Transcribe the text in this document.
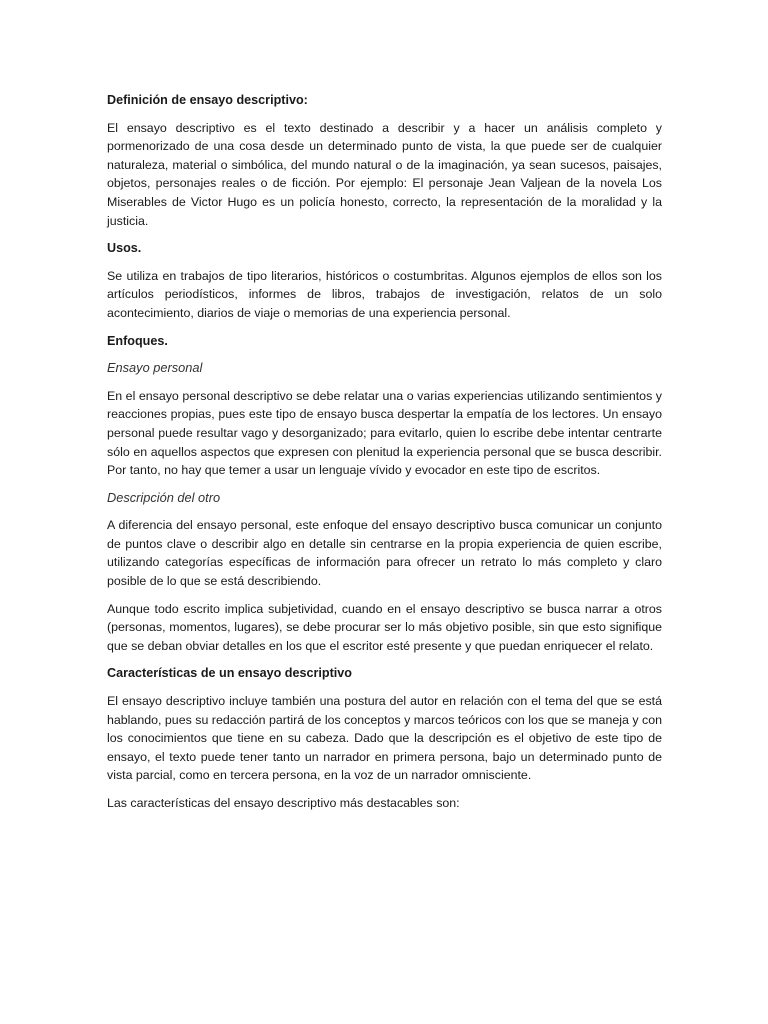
Definición de ensayo descriptivo:

El ensayo descriptivo es el texto destinado a describir y a hacer un análisis completo y pormenorizado de una cosa desde un determinado punto de vista, la que puede ser de cualquier naturaleza, material o simbólica, del mundo natural o de la imaginación, ya sean sucesos, paisajes, objetos, personajes reales o de ficción. Por ejemplo: El personaje Jean Valjean de la novela Los Miserables de Victor Hugo es un policía honesto, correcto, la representación de la moralidad y la justicia.

Usos.

Se utiliza en trabajos de tipo literarios, históricos o costumbritas. Algunos ejemplos de ellos son los artículos periodísticos, informes de libros, trabajos de investigación, relatos de un solo acontecimiento, diarios de viaje o memorias de una experiencia personal.

Enfoques.

Ensayo personal

En el ensayo personal descriptivo se debe relatar una o varias experiencias utilizando sentimientos y reacciones propias, pues este tipo de ensayo busca despertar la empatía de los lectores. Un ensayo personal puede resultar vago y desorganizado; para evitarlo, quien lo escribe debe intentar centrarte sólo en aquellos aspectos que expresen con plenitud la experiencia personal que se busca describir. Por tanto, no hay que temer a usar un lenguaje vívido y evocador en este tipo de escritos.

Descripción del otro

A diferencia del ensayo personal, este enfoque del ensayo descriptivo busca comunicar un conjunto de puntos clave o describir algo en detalle sin centrarse en la propia experiencia de quien escribe, utilizando categorías específicas de información para ofrecer un retrato lo más completo y claro posible de lo que se está describiendo.

Aunque todo escrito implica subjetividad, cuando en el ensayo descriptivo se busca narrar a otros (personas, momentos, lugares), se debe procurar ser lo más objetivo posible, sin que esto signifique que se deban obviar detalles en los que el escritor esté presente y que puedan enriquecer el relato.

Características de un ensayo descriptivo

El ensayo descriptivo incluye también una postura del autor en relación con el tema del que se está hablando, pues su redacción partirá de los conceptos y marcos teóricos con los que se maneja y con los conocimientos que tiene en su cabeza. Dado que la descripción es el objetivo de este tipo de ensayo, el texto puede tener tanto un narrador en primera persona, bajo un determinado punto de vista parcial, como en tercera persona, en la voz de un narrador omnisciente.

Las características del ensayo descriptivo más destacables son:
